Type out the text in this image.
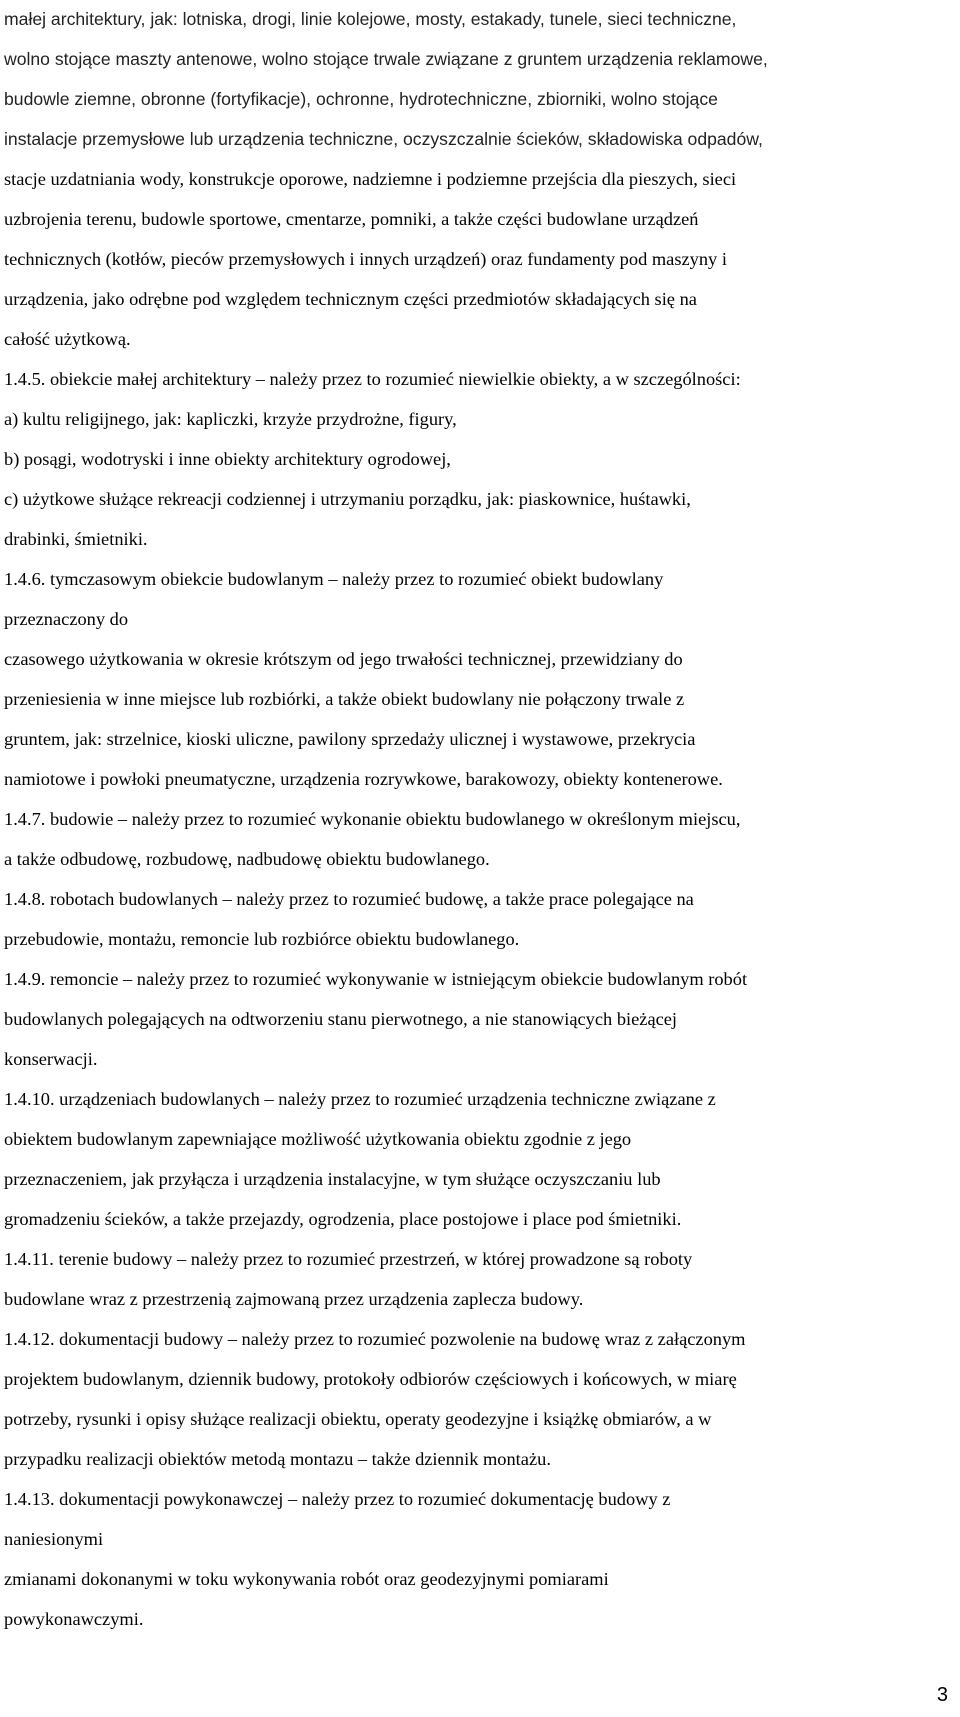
małej architektury, jak: lotniska, drogi, linie kolejowe, mosty, estakady, tunele, sieci techniczne,
wolno stojące maszty antenowe, wolno stojące trwale związane z gruntem urządzenia reklamowe,
budowle ziemne, obronne (fortyfikacje), ochronne, hydrotechniczne, zbiorniki, wolno stojące
instalacje przemysłowe lub urządzenia techniczne, oczyszczalnie ścieków, składowiska odpadów,
stacje uzdatniania wody, konstrukcje oporowe, nadziemne i podziemne przejścia dla pieszych, sieci
uzbrojenia terenu, budowle sportowe, cmentarze, pomniki, a także części budowlane urządzeń
technicznych (kotłów, pieców przemysłowych i innych urządzeń) oraz fundamenty pod maszyny i
urządzenia, jako odrębne pod względem technicznym części przedmiotów składających się na
całość użytkową.
1.4.5. obiekcie małej architektury – należy przez to rozumieć niewielkie obiekty, a w szczególności:
a) kultu religijnego, jak: kapliczki, krzyże przydrożne, figury,
b) posągi, wodotryski i inne obiekty architektury ogrodowej,
c) użytkowe służące rekreacji codziennej i utrzymaniu porządku, jak: piaskownice, huśtawki,
drabinki, śmietniki.
1.4.6. tymczasowym obiekcie budowlanym – należy przez to rozumieć obiekt budowlany
przeznaczony do
czasowego użytkowania w okresie krótszym od jego trwałości technicznej, przewidziany do
przeniesienia w inne miejsce lub rozbiórki, a także obiekt budowlany nie połączony trwale z
gruntem, jak: strzelnice, kioski uliczne, pawilony sprzedaży ulicznej i wystawowe, przekrycia
namiotowe i powłoki pneumatyczne, urządzenia rozrywkowe, barakowozy, obiekty kontenerowe.
1.4.7. budowie – należy przez to rozumieć wykonanie obiektu budowlanego w określonym miejscu,
a także odbudowę, rozbudowę, nadbudowę obiektu budowlanego.
1.4.8. robotach budowlanych – należy przez to rozumieć budowę, a także prace polegające na
przebudowie, montażu, remoncie lub rozbiórce obiektu budowlanego.
1.4.9. remoncie – należy przez to rozumieć wykonywanie w istniejącym obiekcie budowlanym robót
budowlanych polegających na odtworzeniu stanu pierwotnego, a nie stanowiących bieżącej
konserwacji.
1.4.10. urządzeniach budowlanych – należy przez to rozumieć urządzenia techniczne związane z
obiektem budowlanym zapewniające możliwość użytkowania obiektu zgodnie z jego
przeznaczeniem, jak przyłącza i urządzenia instalacyjne, w tym służące oczyszczaniu lub
gromadzeniu ścieków, a także przejazdy, ogrodzenia, place postojowe i place pod śmietniki.
1.4.11. terenie budowy – należy przez to rozumieć przestrzeń, w której prowadzone są roboty
budowlane wraz z przestrzenią zajmowaną przez urządzenia zaplecza budowy.
1.4.12. dokumentacji budowy – należy przez to rozumieć pozwolenie na budowę wraz z załączonym
projektem budowlanym, dziennik budowy, protokoły odbiorów częściowych i końcowych, w miarę
potrzeby, rysunki i opisy służące realizacji obiektu, operaty geodezyjne i książkę obmiarów, a w
przypadku realizacji obiektów metodą montazu – także dziennik montażu.
1.4.13. dokumentacji powykonawczej – należy przez to rozumieć dokumentację budowy z
naniesionymi
zmianami dokonanymi w toku wykonywania robót oraz geodezyjnymi pomiarami
powykonawczymi.
3
